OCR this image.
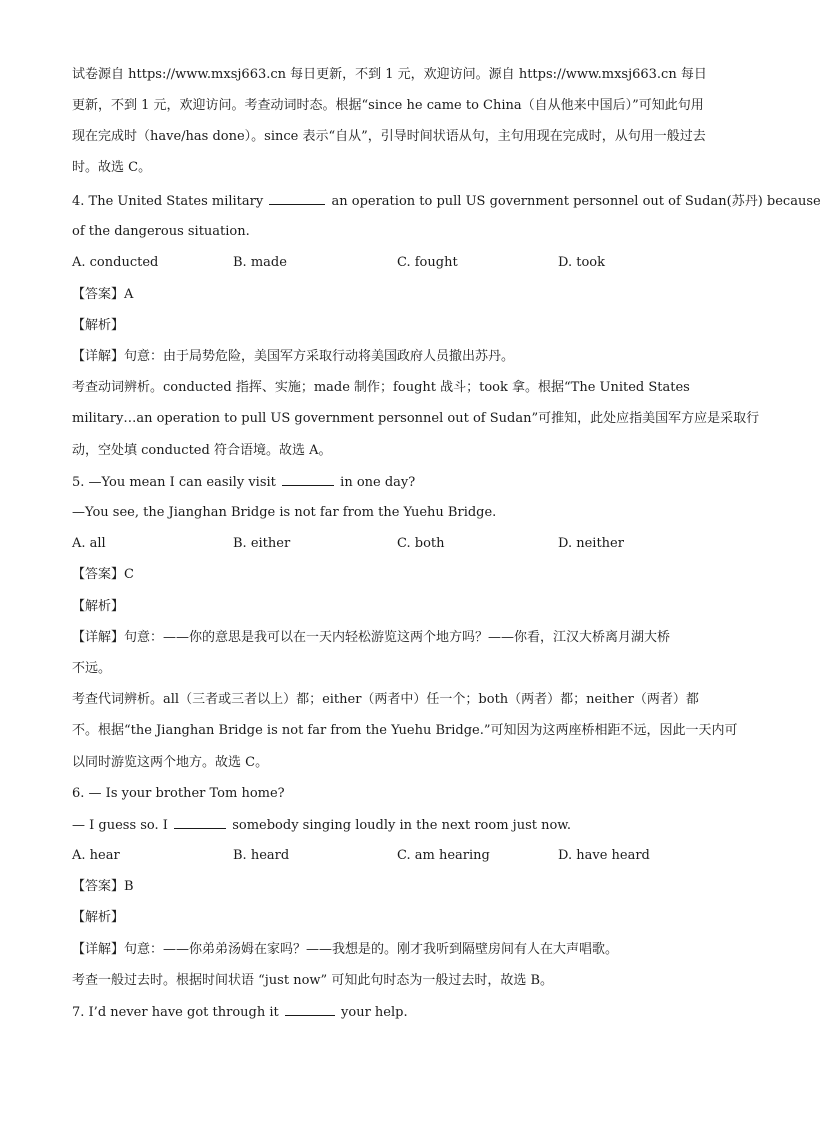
试卷源自 https://www.mxsj663.cn 每日更新，不到 1 元，欢迎访问。源自 https://www.mxsj663.cn 每日
更新，不到 1 元，欢迎访问。考查动词时态。根据“since he came to China（自从他来中国后）”可知此句用
现在完成时（have/has done）。since 表示“自从”，引导时间状语从句，主句用现在完成时，从句用一般过去
时。故选 C。
4. The United States military	an operation to pull US government personnel out of Sudan(苏丹) because
of the dangerous situation.
A. conducted	B. made	C. fought	D. took
【答案】A
【解析】
【详解】句意：由于局势危险，美国军方采取行动将美国政府人员撤出苏丹。
考查动词辨析。conducted 指挥、实施；made 制作；fought 战斗；took 拿。根据“The United States
military…an operation to pull US government personnel out of Sudan”可推知，此处应指美国军方应是采取行
动，空处填 conducted 符合语境。故选 A。
5. —You mean I can easily visit	in one day?
—You see, the Jianghan Bridge is not far from the Yuehu Bridge.
A. all	B. either	C. both	D. neither
【答案】C
【解析】
【详解】句意：——你的意思是我可以在一天内轻松游览这两个地方吗？——你看，江汉大桥离月湖大桥
不远。
考查代词辨析。all（三者或三者以上）都；either（两者中）任一个；both（两者）都；neither（两者）都
不。根据“the Jianghan Bridge is not far from the Yuehu Bridge.”可知因为这两座桥相距不远，因此一天内可
以同时游览这两个地方。故选 C。
6. — Is your brother Tom home?
— I guess so. I	somebody singing loudly in the next room just now.
A. hear	B. heard	C. am hearing	D. have heard
【答案】B
【解析】
【详解】句意：——你弟弟汤姆在家吗？——我想是的。刚才我听到隔壁房间有人在大声唱歌。
考查一般过去时。根据时间状语 “just now” 可知此句时态为一般过去时，故选 B。
7. I’d never have got through it	your help.
